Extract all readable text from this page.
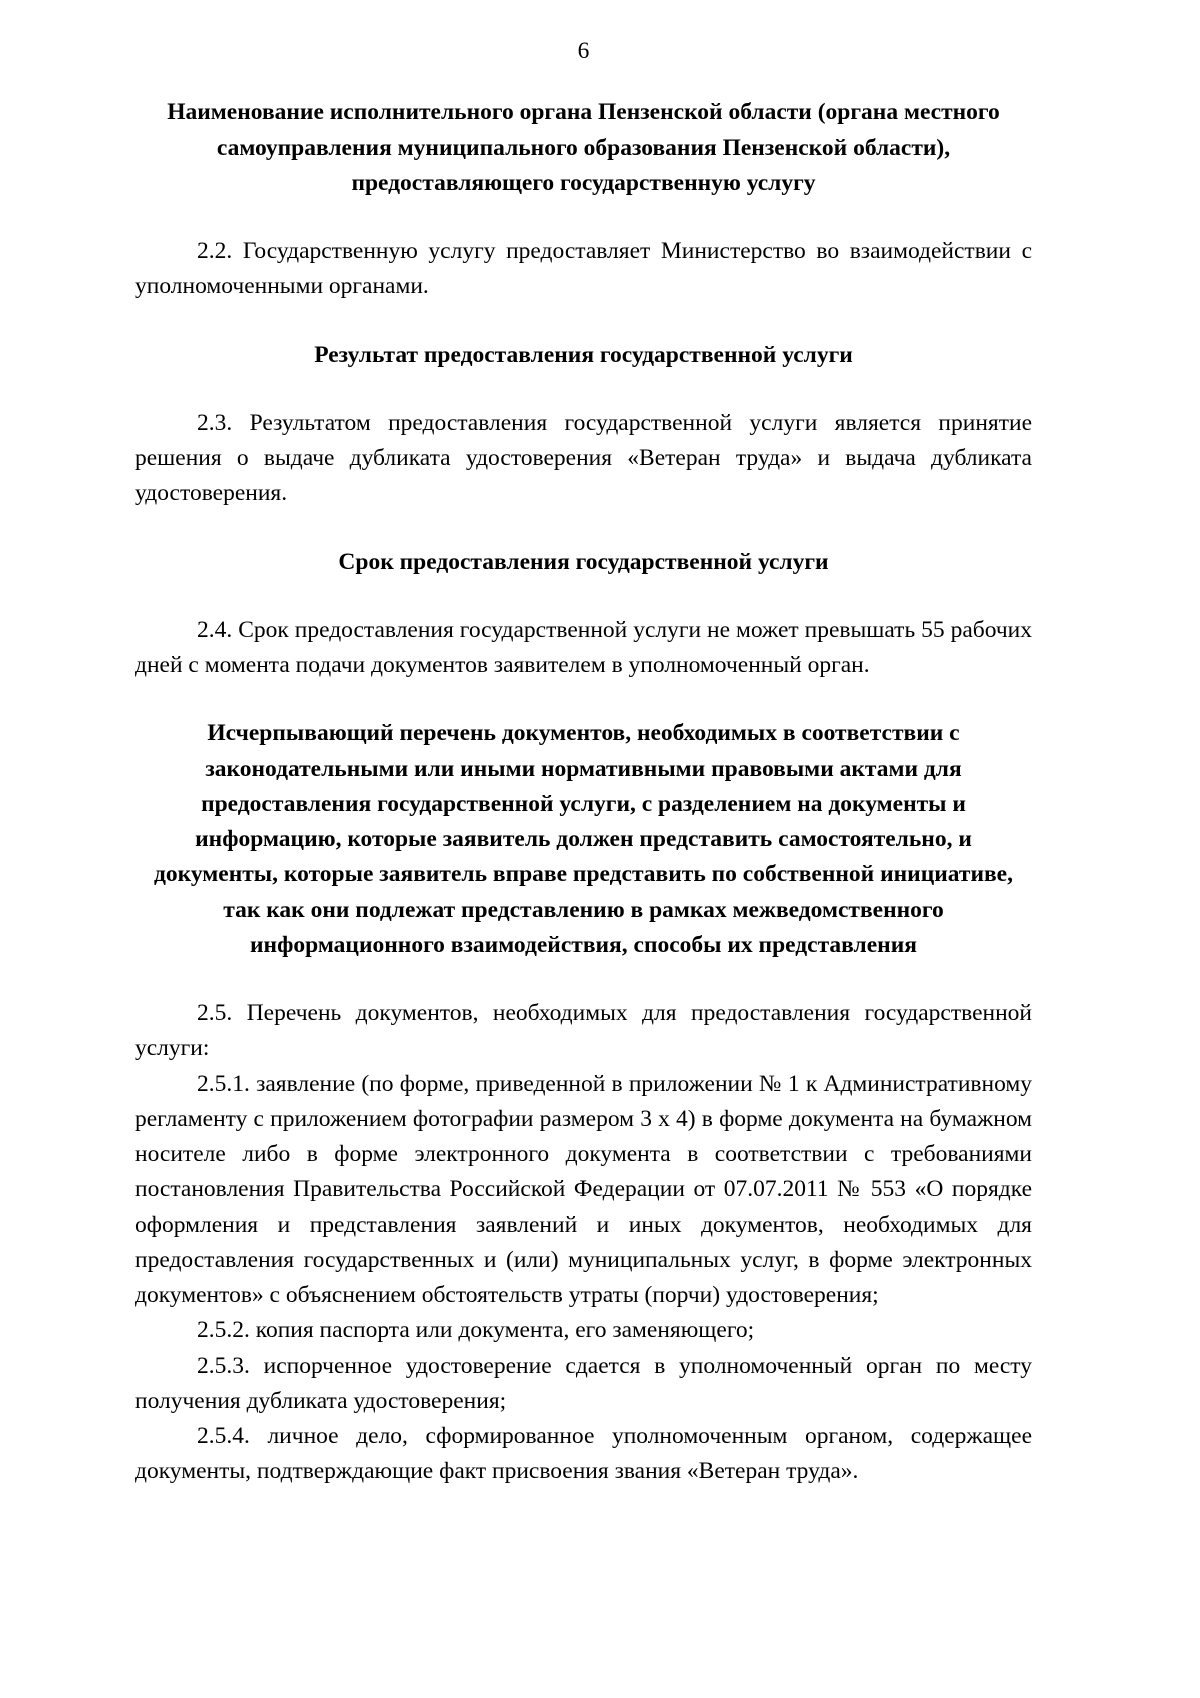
6
Наименование исполнительного органа Пензенской области (органа местного самоуправления муниципального образования Пензенской области), предоставляющего государственную услугу

2.2. Государственную услугу предоставляет Министерство во взаимодействии с уполномоченными органами.

Результат предоставления государственной услуги

2.3. Результатом предоставления государственной услуги является принятие решения о выдаче дубликата удостоверения «Ветеран труда» и выдача дубликата удостоверения.

Срок предоставления государственной услуги

2.4. Срок предоставления государственной услуги не может превышать 55 рабочих дней с момента подачи документов заявителем в уполномоченный орган.

Исчерпывающий перечень документов, необходимых в соответствии с законодательными или иными нормативными правовыми актами для предоставления государственной услуги, с разделением на документы и информацию, которые заявитель должен представить самостоятельно, и документы, которые заявитель вправе представить по собственной инициативе, так как они подлежат представлению в рамках межведомственного информационного взаимодействия, способы их представления

2.5. Перечень документов, необходимых для предоставления государственной услуги:

2.5.1. заявление (по форме, приведенной в приложении № 1 к Административному регламенту с приложением фотографии размером 3 х 4) в форме документа на бумажном носителе либо в форме электронного документа в соответствии с требованиями постановления Правительства Российской Федерации от 07.07.2011 № 553 «О порядке оформления и представления заявлений и иных документов, необходимых для предоставления государственных и (или) муниципальных услуг, в форме электронных документов» с объяснением обстоятельств утраты (порчи) удостоверения;

2.5.2. копия паспорта или документа, его заменяющего;

2.5.3. испорченное удостоверение сдается в уполномоченный орган по месту получения дубликата удостоверения;

2.5.4. личное дело, сформированное уполномоченным органом, содержащее документы, подтверждающие факт присвоения звания «Ветеран труда».
